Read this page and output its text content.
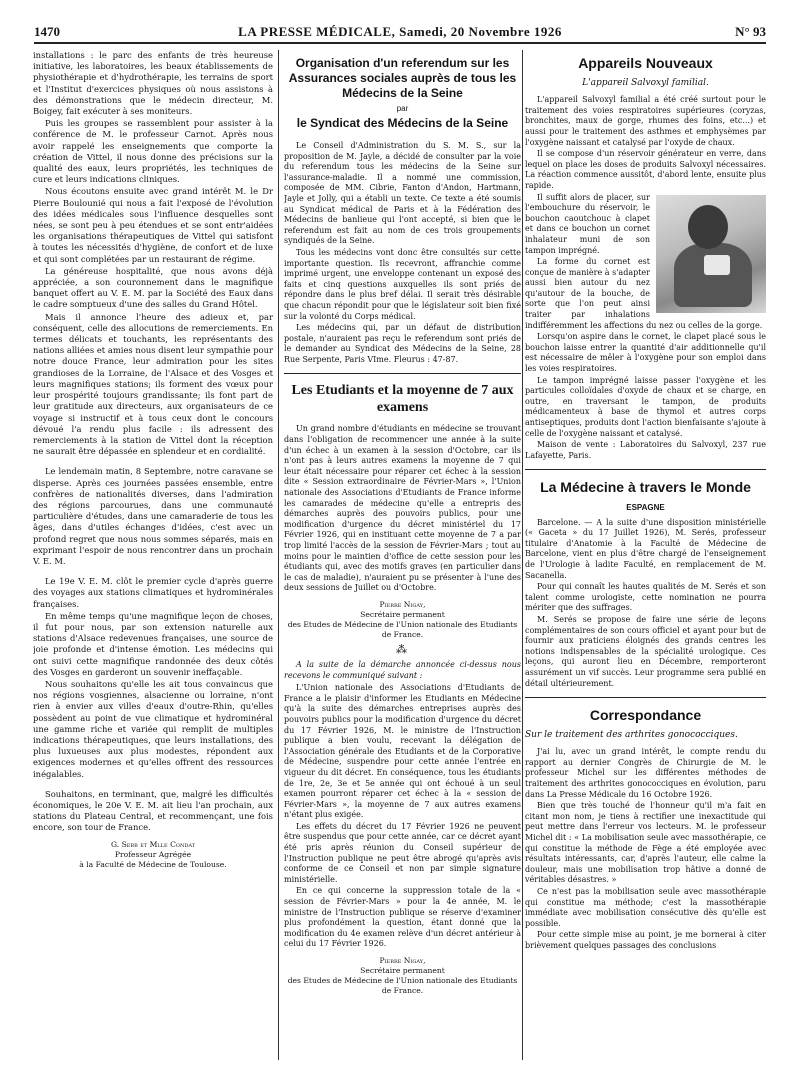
1470	LA PRESSE MÉDICALE, Samedi, 20 Novembre 1926	N° 93

installations : le parc des enfants de très heureuse initiative, les laboratoires, les beaux établissements de physiothérapie et d'hydrothérapie, les terrains de sport et l'Institut d'exercices physiques où nous assistons à des démonstrations que le médecin directeur, M. Boigey, fait exécuter à ses moniteurs.

Puis les groupes se rassemblent pour assister à la conférence de M. le professeur Carnot. Après nous avoir rappelé les enseignements que comporte la création de Vittel, il nous donne des précisions sur la qualité des eaux, leurs propriétés, les techniques de cure et leurs indications cliniques.

Nous écoutons ensuite avec grand intérêt M. le Dr Pierre Boulounié qui nous a fait l'exposé de l'évolution des idées médicales sous l'influence desquelles sont nées, se sont peu à peu étendues et se sont entr'aidées les organisations thérapeutiques de Vittel qui satisfont à toutes les nécessités d'hygiène, de confort et de luxe et qui sont complétées par un restaurant de régime.

La généreuse hospitalité, que nous avons déjà appréciée, a son couronnement dans le magnifique banquet offert au V. E. M. par la Société des Eaux dans le cadre somptueux d'une des salles du Grand Hôtel.

Mais il annonce l'heure des adieux et, par conséquent, celle des allocutions de remerciements. En termes délicats et touchants, les représentants des nations alliées et amies nous disent leur sympathie pour notre douce France, leur admiration pour les sites grandioses de la Lorraine, de l'Alsace et des Vosges et leurs magnifiques stations; ils forment des vœux pour leur prospérité toujours grandissante; ils font part de leur gratitude aux directeurs, aux organisateurs de ce voyage si instructif et à tous ceux dont le concours dévoué l'a rendu plus facile : ils adressent des remerciements à la station de Vittel dont la réception ne saurait être dépassée en splendeur et en cordialité.

Le lendemain matin, 8 Septembre, notre caravane se disperse. Après ces journées passées ensemble, entre confrères de nationalités diverses, dans l'admiration des régions parcourues, dans une communauté particulière d'études, dans une camaraderie de tous les âges, dans d'utiles échanges d'idées, c'est avec un profond regret que nous nous sommes séparés, mais en exprimant l'espoir de nous rencontrer dans un prochain V. E. M.

Le 19e V. E. M. clôt le premier cycle d'après guerre des voyages aux stations climatiques et hydrominérales françaises.

En même temps qu'une magnifique leçon de choses, il fut pour nous, par son extension naturelle aux stations d'Alsace redevenues françaises, une source de joie profonde et d'intense émotion. Les médecins qui ont suivi cette magnifique randonnée des deux côtés des Vosges en garderont un souvenir ineffaçable.

Nous souhaitons qu'elle les ait tous convaincus que nos régions vosgiennes, alsacienne ou lorraine, n'ont rien à envier aux villes d'eaux d'outre-Rhin, qu'elles possèdent au point de vue climatique et hydrominéral une gamme riche et variée qui remplit de multiples indications thérapeutiques, que leurs installations, des plus luxueuses aux plus modestes, répondent aux exigences modernes et qu'elles offrent des ressources inégalables.

Souhaitons, en terminant, que, malgré les difficultés économiques, le 20e V. E. M. ait lieu l'an prochain, aux stations du Plateau Central, et recommençant, une fois encore, son tour de France.

G. Sebb et Mlle Condat
Professeur Agrégée
à la Faculté de Médecine de Toulouse.
Organisation d'un referendum sur les Assurances sociales auprès de tous les Médecins de la Seine
par
le Syndicat des Médecins de la Seine

Le Conseil d'Administration du S. M. S., sur la proposition de M. Jayle, a décidé de consulter par la voie du referendum tous les médecins de la Seine sur l'assurance-maladie. Il a nommé une commission, composée de MM. Cibrie, Fanton d'Andon, Hartmann, Jayle et Jolly, qui a établi un texte. Ce texte a été soumis au Syndicat médical de Paris et à la Fédération des Médecins de banlieue qui l'ont accepté, si bien que le referendum est fait au nom de ces trois groupements syndiqués de la Seine.

Tous les médecins vont donc être consultés sur cette importante question. Ils recevront, affranchie comme imprimé urgent, une enveloppe contenant un exposé des faits et cinq questions auxquelles ils sont priés de répondre dans le plus bref délai. Il serait très désirable que chacun répondit pour que le législateur soit bien fixé sur la volonté du Corps médical.

Les médecins qui, par un défaut de distribution postale, n'auraient pas reçu le referendum sont priés de le demander au Syndicat des Médecins de la Seine, 28 Rue Serpente, Paris VIme. Fleurus : 47-87.

Les Etudiants et la moyenne de 7 aux examens

Un grand nombre d'étudiants en médecine se trouvant dans l'obligation de recommencer une année à la suite d'un échec à un examen à la session d'Octobre, car ils n'ont pas à leurs autres examens la moyenne de 7 qui leur était nécessaire pour réparer cet échec à la session dite « Session extraordinaire de Février-Mars », l'Union nationale des Associations d'Etudiants de France informe les camarades de médecine qu'elle a entrepris des démarches auprès des pouvoirs publics, pour une modification d'urgence du décret ministériel du 17 Février 1926, qui en instituant cette moyenne de 7 a par trop limité l'accès de la session de Février-Mars ; tout au moins pour le maintien d'office de cette session pour les étudiants qui, avec des motifs graves (en particulier dans le cas de maladie), n'auraient pu se présenter à l'une des deux sessions de Juillet ou d'Octobre.

Pierre Nigay,
Secrétaire permanent
des Etudes de Médecine de l'Union nationale des Etudiants de France.
⁂

A la suite de la démarche annoncée ci-dessus nous recevons le communiqué suivant :

L'Union nationale des Associations d'Etudiants de France a le plaisir d'informer les Etudiants en Médecine qu'à la suite des démarches entreprises auprès des pouvoirs publics pour la modification d'urgence du décret du 17 Février 1926, M. le ministre de l'Instruction publique a bien voulu, recevant la délégation de l'Association générale des Etudiants et de la Corporative de Médecine, suspendre pour cette année l'entrée en vigueur du dit décret. En conséquence, tous les étudiants de 1re, 2e, 3e et 5e année qui ont échoué à un seul examen pourront réparer cet échec à la « session de Février-Mars », la moyenne de 7 aux autres examens n'étant plus exigée.

Les effets du décret du 17 Février 1926 ne peuvent être suspendus que pour cette année, car ce décret ayant été pris après réunion du Conseil supérieur de l'Instruction publique ne peut être abrogé qu'après avis conforme de ce Conseil et non par simple signature ministérielle.

En ce qui concerne la suppression totale de la « session de Février-Mars » pour la 4e année, M. le ministre de l'Instruction publique se réserve d'examiner plus profondément la question, étant donné que la modification du 4e examen relève d'un décret antérieur à celui du 17 Février 1926.

Pierre Nigay,
Secrétaire permanent
des Etudes de Médecine de l'Union nationale des Etudiants de France.
Appareils Nouveaux
L'appareil Salvoxyl familial.

L'appareil Salvoxyl familial a été créé surtout pour le traitement des voies respiratoires supérieures (coryzas, bronchites, maux de gorge, rhumes des foins, etc...) et aussi pour le traitement des asthmes et emphysèmes par l'oxygène naissant et catalysé par l'oxyde de chaux.

Il se compose d'un réservoir générateur en verre, dans lequel on place les doses de produits Salvoxyl nécessaires. La réaction commence aussitôt, d'abord lente, ensuite plus rapide.

Il suffit alors de placer, sur l'embouchure du réservoir, le bouchon caoutchouc à clapet et dans ce bouchon un cornet inhalateur muni de son tampon imprégné.

La forme du cornet est conçue de manière à s'adapter aussi bien autour du nez qu'autour de la bouche, de sorte que l'on peut ainsi traiter par inhalations indifféremment les affections du nez ou celles de la gorge.

Lorsqu'on aspire dans le cornet, le clapet placé sous le bouchon laisse entrer la quantité d'air additionnelle qu'il est nécessaire de mêler à l'oxygène pour son emploi dans les voies respiratoires.

Le tampon imprégné laisse passer l'oxygène et les particules colloïdales d'oxyde de chaux et se charge, en outre, en traversant le tampon, de produits médicamenteux à base de thymol et autres corps antiseptiques, produits dont l'action bienfaisante s'ajoute à celle de l'oxygène naissant et catalysé.

Maison de vente : Laboratoires du Salvoxyl, 237 rue Lafayette, Paris.

La Médecine à travers le Monde
ESPAGNE

Barcelone. — A la suite d'une disposition ministérielle (« Gaceta » du 17 Juillet 1926), M. Serés, professeur titulaire d'Anatomie à la Faculté de Médecine de Barcelone, vient en plus d'être chargé de l'enseignement de l'Urologie à ladite Faculté, en remplacement de M. Sacanella.

Pour qui connaît les hautes qualités de M. Serés et son talent comme urologiste, cette nomination ne pourra mériter que des suffrages.

M. Serés se propose de faire une série de leçons complémentaires de son cours officiel et ayant pour but de fournir aux praticiens éloignés des grands centres les notions indispensables de la spécialité urologique. Ces leçons, qui auront lieu en Décembre, remporteront assurément un vif succès. Leur programme sera publié en détail ultérieurement.

Correspondance
Sur le traitement des arthrites gonococciques.

J'ai lu, avec un grand intérêt, le compte rendu du rapport au dernier Congrès de Chirurgie de M. le professeur Michel sur les différentes méthodes de traitement des arthrites gonococciques en évolution, paru dans La Presse Médicale du 16 Octobre 1926.

Bien que très touché de l'honneur qu'il m'a fait en citant mon nom, je tiens à rectifier une inexactitude qui peut mettre dans l'erreur vos lecteurs. M. le professeur Michel dit : « La mobilisation seule avec massothérapie, ce qui constitue la méthode de Fège a été employée avec résultats intéressants, car, d'après l'auteur, elle calme la douleur, mais une mobilisation trop hâtive a donné de véritables désastres. »

Ce n'est pas la mobilisation seule avec massothérapie qui constitue ma méthode; c'est la massothérapie immédiate avec mobilisation consécutive dès qu'elle est possible.

Pour cette simple mise au point, je me bornerai à citer brièvement quelques passages des conclusions
